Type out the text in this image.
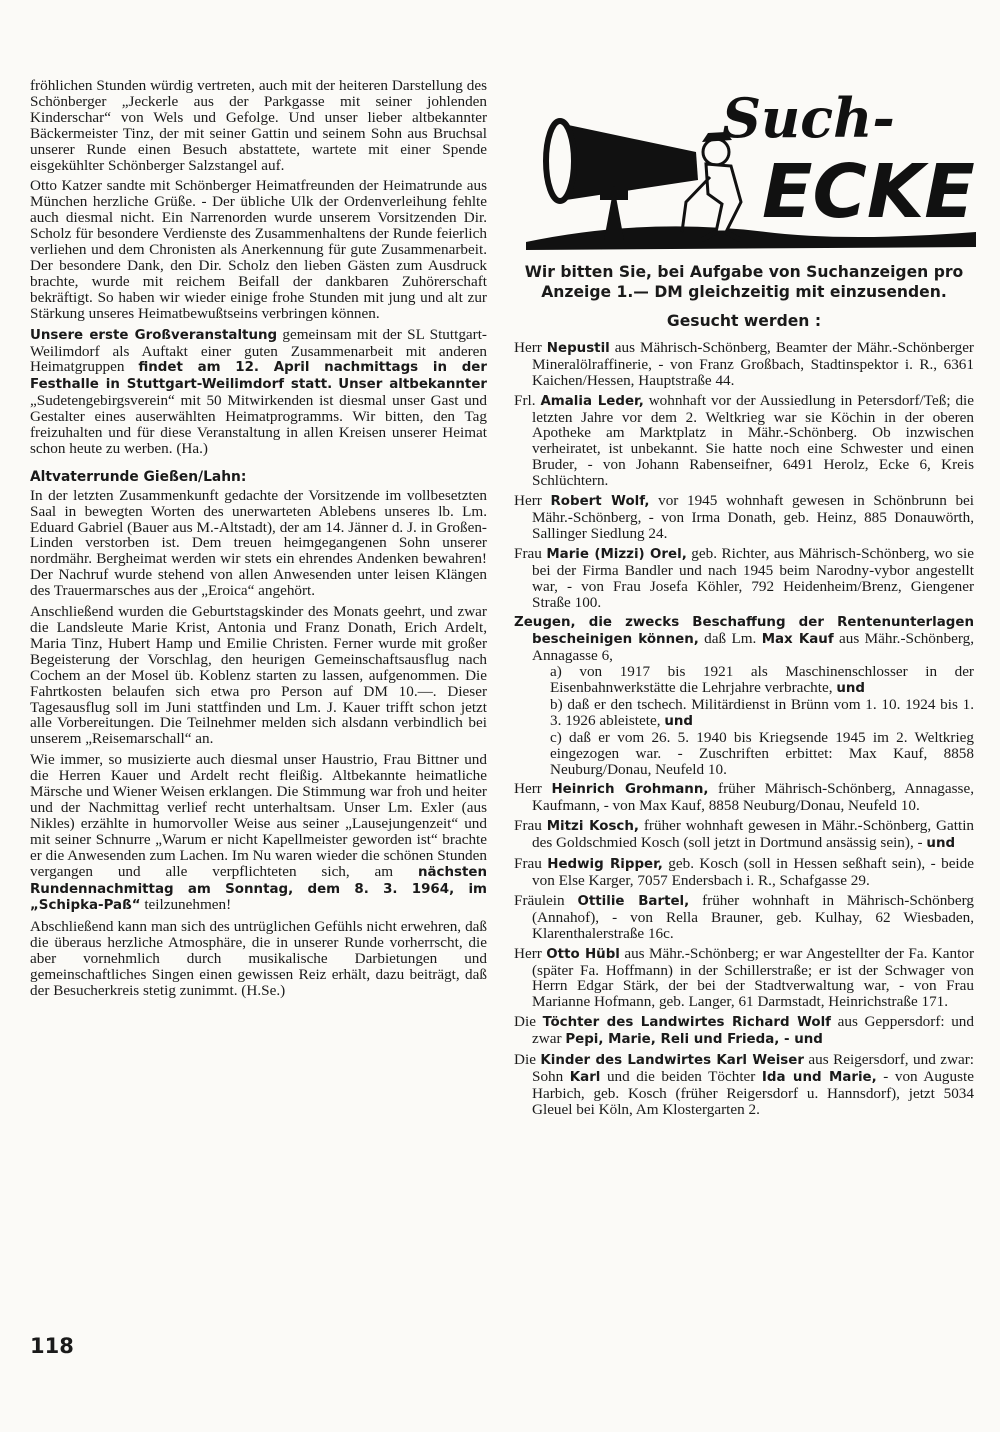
fröhlichen Stunden würdig vertreten, auch mit der heiteren Darstellung des Schönberger „Jeckerle aus der Parkgasse mit seiner johlenden Kinderschar“ von Wels und Gefolge. Und unser lieber altbekannter Bäckermeister Tinz, der mit seiner Gattin und seinem Sohn aus Bruchsal unserer Runde einen Besuch abstattete, wartete mit einer Spende eisgekühlter Schönberger Salzstangel auf.

Otto Katzer sandte mit Schönberger Heimatfreunden der Heimatrunde aus München herzliche Grüße. - Der übliche Ulk der Ordenverleihung fehlte auch diesmal nicht. Ein Narrenorden wurde unserem Vorsitzenden Dir. Scholz für besondere Verdienste des Zusammenhaltens der Runde feierlich verliehen und dem Chronisten als Anerkennung für gute Zusammenarbeit. Der besondere Dank, den Dir. Scholz den lieben Gästen zum Ausdruck brachte, wurde mit reichem Beifall der dankbaren Zuhörerschaft bekräftigt. So haben wir wieder einige frohe Stunden mit jung und alt zur Stärkung unseres Heimatbewußtseins verbringen können.

Unsere erste Großveranstaltung gemeinsam mit der SL Stuttgart-Weilimdorf als Auftakt einer guten Zusammenarbeit mit anderen Heimatgruppen findet am 12. April nachmittags in der Festhalle in Stuttgart-Weilimdorf statt. Unser altbekannter „Sudetengebirgsverein“ mit 50 Mitwirkenden ist diesmal unser Gast und Gestalter eines auserwählten Heimatprogramms. Wir bitten, den Tag freizuhalten und für diese Veranstaltung in allen Kreisen unserer Heimat schon heute zu werben. (Ha.)

Altvaterrunde Gießen/Lahn:

In der letzten Zusammenkunft gedachte der Vorsitzende im vollbesetzten Saal in bewegten Worten des unerwarteten Ablebens unseres lb. Lm. Eduard Gabriel (Bauer aus M.-Altstadt), der am 14. Jänner d. J. in Großen-Linden verstorben ist. Dem treuen heimgegangenen Sohn unserer nordmähr. Bergheimat werden wir stets ein ehrendes Andenken bewahren! Der Nachruf wurde stehend von allen Anwesenden unter leisen Klängen des Trauermarsches aus der „Eroica“ angehört.

Anschließend wurden die Geburtstagskinder des Monats geehrt, und zwar die Landsleute Marie Krist, Antonia und Franz Donath, Erich Ardelt, Maria Tinz, Hubert Hamp und Emilie Christen. Ferner wurde mit großer Begeisterung der Vorschlag, den heurigen Gemeinschaftsausflug nach Cochem an der Mosel üb. Koblenz starten zu lassen, aufgenommen. Die Fahrtkosten belaufen sich etwa pro Person auf DM 10.—. Dieser Tagesausflug soll im Juni stattfinden und Lm. J. Kauer trifft schon jetzt alle Vorbereitungen. Die Teilnehmer melden sich alsdann verbindlich bei unserem „Reisemarschall“ an.

Wie immer, so musizierte auch diesmal unser Haustrio, Frau Bittner und die Herren Kauer und Ardelt recht fleißig. Altbekannte heimatliche Märsche und Wiener Weisen erklangen. Die Stimmung war froh und heiter und der Nachmittag verlief recht unterhaltsam. Unser Lm. Exler (aus Nikles) erzählte in humorvoller Weise aus seiner „Lausejungenzeit“ und mit seiner Schnurre „Warum er nicht Kapellmeister geworden ist“ brachte er die Anwesenden zum Lachen. Im Nu waren wieder die schönen Stunden vergangen und alle verpflichteten sich, am nächsten Rundennachmittag am Sonntag, dem 8. 3. 1964, im „Schipka-Paß“ teilzunehmen!

Abschließend kann man sich des untrüglichen Gefühls nicht erwehren, daß die überaus herzliche Atmosphäre, die in unserer Runde vorherrscht, die aber vornehmlich durch musikalische Darbietungen und gemeinschaftliches Singen einen gewissen Reiz erhält, dazu beiträgt, daß der Besucherkreis stetig zunimmt. (H.Se.)

Such-
ECKE

Wir bitten Sie, bei Aufgabe von Suchanzeigen pro Anzeige 1.— DM gleichzeitig mit einzusenden.

Gesucht werden :

Herr Nepustil aus Mährisch-Schönberg, Beamter der Mähr.-Schönberger Mineralölraffinerie, - von Franz Großbach, Stadtinspektor i. R., 6361 Kaichen/Hessen, Hauptstraße 44.

Frl. Amalia Leder, wohnhaft vor der Aussiedlung in Petersdorf/Teß; die letzten Jahre vor dem 2. Weltkrieg war sie Köchin in der oberen Apotheke am Marktplatz in Mähr.-Schönberg. Ob inzwischen verheiratet, ist unbekannt. Sie hatte noch eine Schwester und einen Bruder, - von Johann Rabenseifner, 6491 Herolz, Ecke 6, Kreis Schlüchtern.

Herr Robert Wolf, vor 1945 wohnhaft gewesen in Schönbrunn bei Mähr.-Schönberg, - von Irma Donath, geb. Heinz, 885 Donauwörth, Sallinger Siedlung 24.

Frau Marie (Mizzi) Orel, geb. Richter, aus Mährisch-Schönberg, wo sie bei der Firma Bandler und nach 1945 beim Narodny-vybor angestellt war, - von Frau Josefa Köhler, 792 Heidenheim/Brenz, Giengener Straße 100.

Zeugen, die zwecks Beschaffung der Rentenunterlagen bescheinigen können, daß Lm. Max Kauf aus Mähr.-Schönberg, Annagasse 6,
a) von 1917 bis 1921 als Maschinenschlosser in der Eisenbahnwerkstätte die Lehrjahre verbrachte, und
b) daß er den tschech. Militärdienst in Brünn vom 1. 10. 1924 bis 1. 3. 1926 ableistete, und
c) daß er vom 26. 5. 1940 bis Kriegsende 1945 im 2. Weltkrieg eingezogen war. - Zuschriften erbittet: Max Kauf, 8858 Neuburg/Donau, Neufeld 10.

Herr Heinrich Grohmann, früher Mährisch-Schönberg, Annagasse, Kaufmann, - von Max Kauf, 8858 Neuburg/Donau, Neufeld 10.

Frau Mitzi Kosch, früher wohnhaft gewesen in Mähr.-Schönberg, Gattin des Goldschmied Kosch (soll jetzt in Dortmund ansässig sein), - und

Frau Hedwig Ripper, geb. Kosch (soll in Hessen seßhaft sein), - beide von Else Karger, 7057 Endersbach i. R., Schafgasse 29.

Fräulein Ottilie Bartel, früher wohnhaft in Mährisch-Schönberg (Annahof), - von Rella Brauner, geb. Kulhay, 62 Wiesbaden, Klarenthalerstraße 16c.

Herr Otto Hübl aus Mähr.-Schönberg; er war Angestellter der Fa. Kantor (später Fa. Hoffmann) in der Schillerstraße; er ist der Schwager von Herrn Edgar Stärk, der bei der Stadtverwaltung war, - von Frau Marianne Hofmann, geb. Langer, 61 Darmstadt, Heinrichstraße 171.

Die Töchter des Landwirtes Richard Wolf aus Geppersdorf: und zwar Pepi, Marie, Reli und Frieda, - und

Die Kinder des Landwirtes Karl Weiser aus Reigersdorf, und zwar: Sohn Karl und die beiden Töchter Ida und Marie, - von Auguste Harbich, geb. Kosch (früher Reigersdorf u. Hannsdorf), jetzt 5034 Gleuel bei Köln, Am Klostergarten 2.

118
